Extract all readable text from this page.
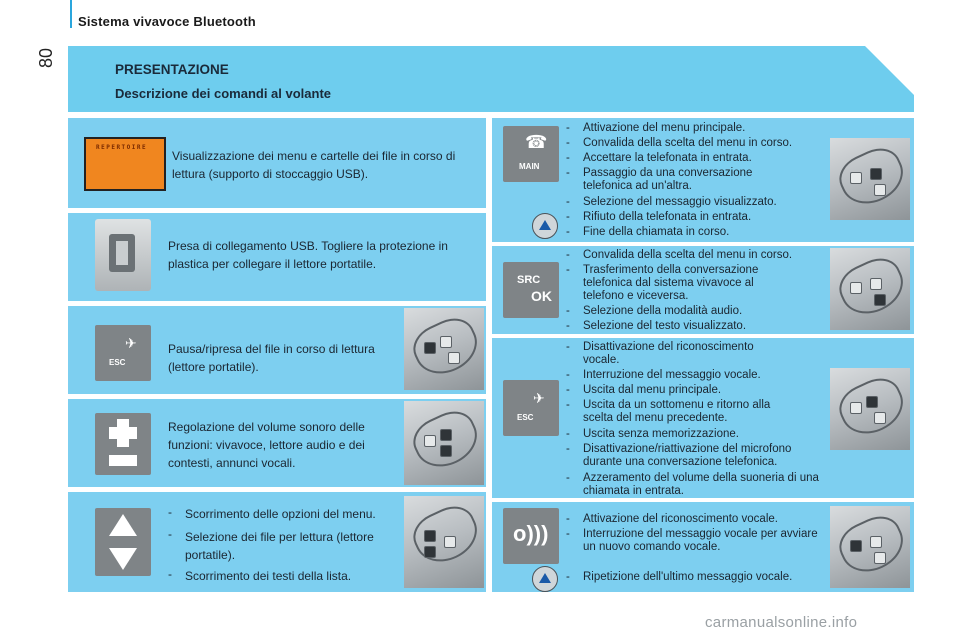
Sistema vivavoce Bluetooth
80
PRESENTAZIONE
Descrizione dei comandi al volante
REPERTOIRE
Visualizzazione dei menu e cartelle dei file in corso di lettura (supporto di stoccaggio USB).
Presa di collegamento USB. Togliere la protezione in plastica per collegare il lettore portatile.
✈
ESC
Pausa/ripresa del file in corso di lettura (lettore portatile).
Regolazione del volume sonoro delle funzioni: vivavoce, lettore audio e dei contesti, annunci vocali.
- Scorrimento delle opzioni del menu.
- Selezione dei file per lettura (lettore portatile).
- Scorrimento dei testi della lista.
☎
MAIN
- Attivazione del menu principale.
- Convalida della scelta del menu in corso.
- Accettare la telefonata in entrata.
- Passaggio da una conversazione telefonica ad un'altra.
- Selezione del messaggio visualizzato.
- Rifiuto della telefonata in entrata.
- Fine della chiamata in corso.
SRC
OK
- Convalida della scelta del menu in corso.
- Trasferimento della conversazione telefonica dal sistema vivavoce al telefono e viceversa.
- Selezione della modalità audio.
- Selezione del testo visualizzato.
✈
ESC
- Disattivazione del riconoscimento vocale.
- Interruzione del messaggio vocale.
- Uscita dal menu principale.
- Uscita da un sottomenu e ritorno alla scelta del menu precedente.
- Uscita senza memorizzazione.
- Disattivazione/riattivazione del microfono durante una conversazione telefonica.
- Azzeramento del volume della suoneria di una chiamata in entrata.
o)))
- Attivazione del riconoscimento vocale.
- Interruzione del messaggio vocale per avviare un nuovo comando vocale.
- Ripetizione dell'ultimo messaggio vocale.
carmanualsonline.info
